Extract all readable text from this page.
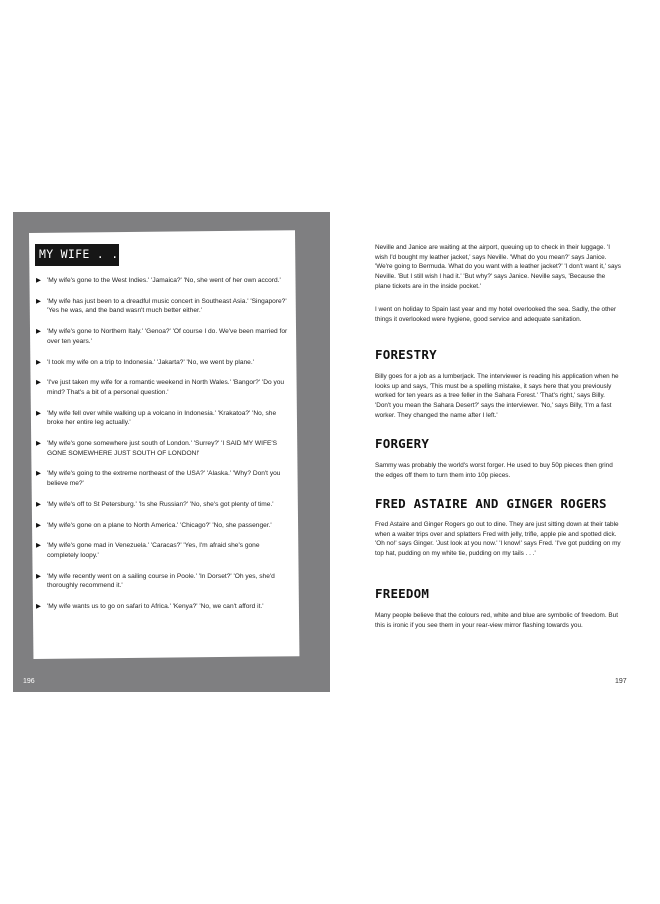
MY WIFE . . .
▶ 'My wife's gone to the West Indies.' 'Jamaica?' 'No, she went of her own accord.'
▶ 'My wife has just been to a dreadful music concert in Southeast Asia.' 'Singapore?' 'Yes he was, and the band wasn't much better either.'
▶ 'My wife's gone to Northern Italy.' 'Genoa?' 'Of course I do. We've been married for over ten years.'
▶ 'I took my wife on a trip to Indonesia.' 'Jakarta?' 'No, we went by plane.'
▶ 'I've just taken my wife for a romantic weekend in North Wales.' 'Bangor?' 'Do you mind? That's a bit of a personal question.'
▶ 'My wife fell over while walking up a volcano in Indonesia.' 'Krakatoa?' 'No, she broke her entire leg actually.'
▶ 'My wife's gone somewhere just south of London.' 'Surrey?' 'I SAID MY WIFE'S GONE SOMEWHERE JUST SOUTH OF LONDON!'
▶ 'My wife's going to the extreme northeast of the USA?' 'Alaska.' 'Why? Don't you believe me?'
▶ 'My wife's off to St Petersburg.' 'Is she Russian?' 'No, she's got plenty of time.'
▶ 'My wife's gone on a plane to North America.' 'Chicago?' 'No, she passenger.'
▶ 'My wife's gone mad in Venezuela.' 'Caracas?' 'Yes, I'm afraid she's gone completely loopy.'
▶ 'My wife recently went on a sailing course in Poole.' 'In Dorset?' 'Oh yes, she'd thoroughly recommend it.'
▶ 'My wife wants us to go on safari to Africa.' 'Kenya?' 'No, we can't afford it.'
196

Neville and Janice are waiting at the airport, queuing up to check in their luggage. 'I wish I'd bought my leather jacket,' says Neville. 'What do you mean?' says Janice. 'We're going to Bermuda. What do you want with a leather jacket?' 'I don't want it,' says Neville. 'But I still wish I had it.' 'But why?' says Janice. Neville says, 'Because the plane tickets are in the inside pocket.'

I went on holiday to Spain last year and my hotel overlooked the sea. Sadly, the other things it overlooked were hygiene, good service and adequate sanitation.

FORESTRY

Billy goes for a job as a lumberjack. The interviewer is reading his application when he looks up and says, 'This must be a spelling mistake, it says here that you previously worked for ten years as a tree feller in the Sahara Forest.' 'That's right,' says Billy. 'Don't you mean the Sahara Desert?' says the interviewer. 'No,' says Billy, 'I'm a fast worker. They changed the name after I left.'

FORGERY

Sammy was probably the world's worst forger. He used to buy 50p pieces then grind the edges off them to turn them into 10p pieces.

FRED ASTAIRE AND GINGER ROGERS

Fred Astaire and Ginger Rogers go out to dine. They are just sitting down at their table when a waiter trips over and splatters Fred with jelly, trifle, apple pie and spotted dick. 'Oh no!' says Ginger. 'Just look at you now.' 'I know!' says Fred. 'I've got pudding on my top hat, pudding on my white tie, pudding on my tails . . .'

FREEDOM

Many people believe that the colours red, white and blue are symbolic of freedom. But this is ironic if you see them in your rear-view mirror flashing towards you.

197
